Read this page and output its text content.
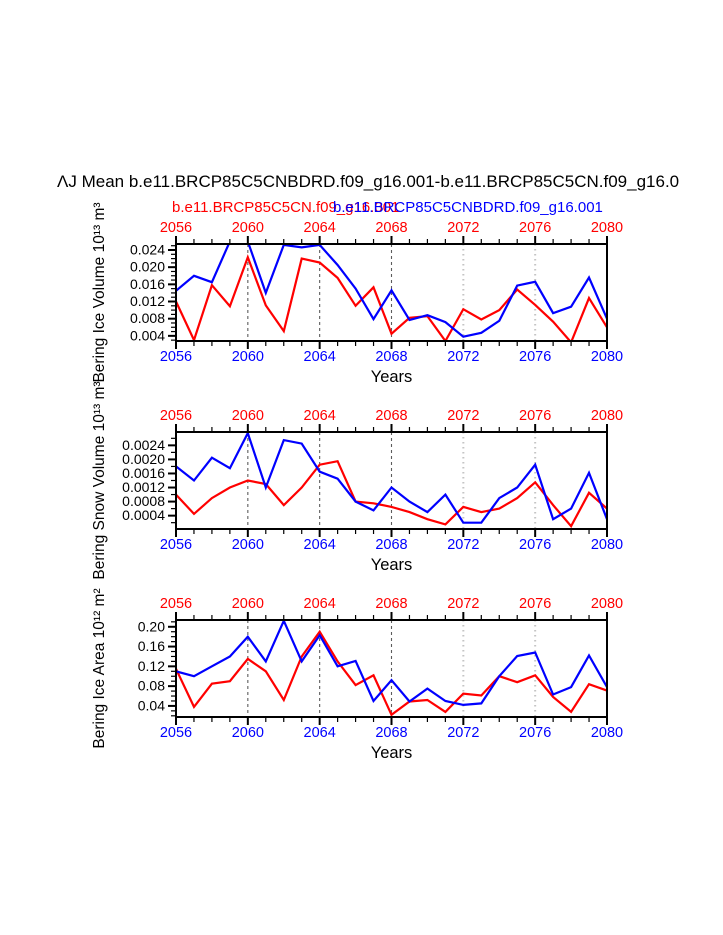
ΛJ Mean b.e11.BRCP85C5CNBDRD.f09_g16.001-b.e11.BRCP85C5CN.f09_g16.0
b.e11.BRCP85C5CN.f09_g16.001
b.e11.BRCP85C5CNBDRD.f09_g16.001
2056
2056
2060
2060
2064
2064
2068
2068
2072
2072
2076
2076
2080
2080
0.004
0.008
0.012
0.016
0.020
0.024
Years
Bering Ice Volume 10¹³ m³
2056
2056
2060
2060
2064
2064
2068
2068
2072
2072
2076
2076
2080
2080
0.0004
0.0008
0.0012
0.0016
0.0020
0.0024
Years
Bering Snow Volume 10¹³ m³
2056
2056
2060
2060
2064
2064
2068
2068
2072
2072
2076
2076
2080
2080
0.04
0.08
0.12
0.16
0.20
Years
Bering Ice Area 10¹² m²
